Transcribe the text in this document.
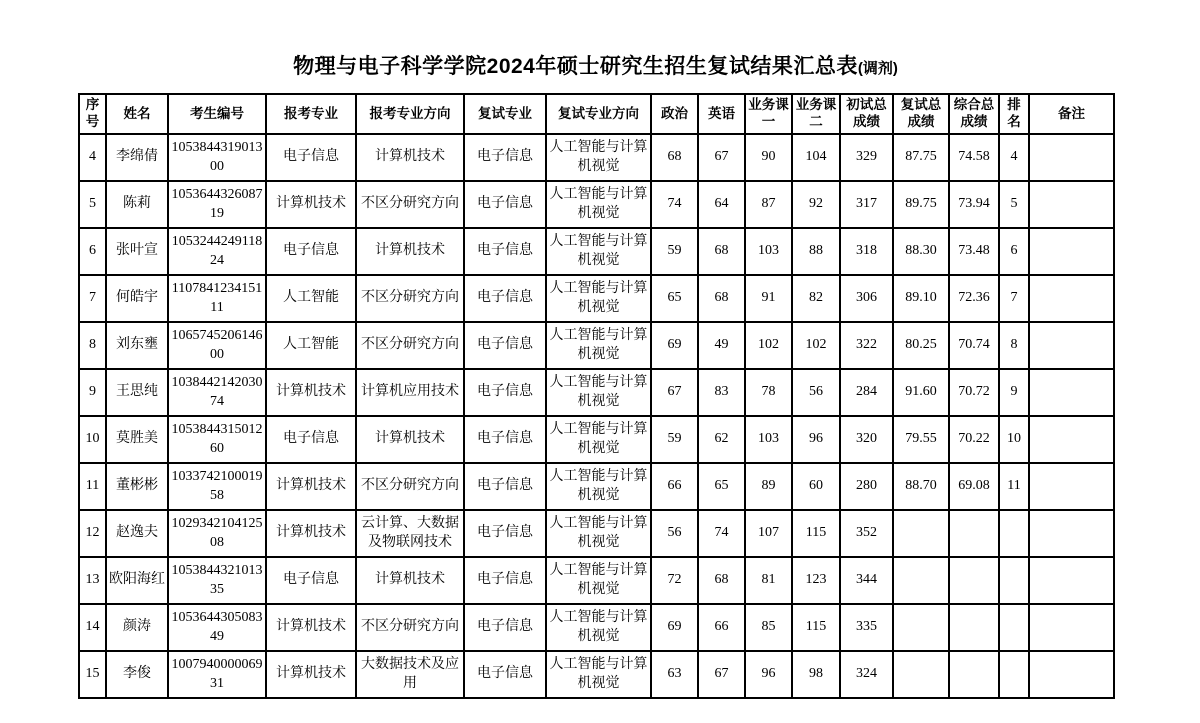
物理与电子科学学院2024年硕士研究生招生复试结果汇总表(调剂)
序号	姓名	考生编号	报考专业	报考专业方向	复试专业	复试专业方向	政治	英语	业务课一	业务课二	初试总成绩	复试总成绩	综合总成绩	排名	备注
4	李绵倩	105384431901300	电子信息	计算机技术	电子信息	人工智能与计算机视觉	68	67	90	104	329	87.75	74.58	4	
5	陈莉	105364432608719	计算机技术	不区分研究方向	电子信息	人工智能与计算机视觉	74	64	87	92	317	89.75	73.94	5	
6	张叶宣	105324424911824	电子信息	计算机技术	电子信息	人工智能与计算机视觉	59	68	103	88	318	88.30	73.48	6	
7	何皓宇	110784123415111	人工智能	不区分研究方向	电子信息	人工智能与计算机视觉	65	68	91	82	306	89.10	72.36	7	
8	刘东壅	106574520614600	人工智能	不区分研究方向	电子信息	人工智能与计算机视觉	69	49	102	102	322	80.25	70.74	8	
9	王思纯	103844214203074	计算机技术	计算机应用技术	电子信息	人工智能与计算机视觉	67	83	78	56	284	91.60	70.72	9	
10	莫胜美	105384431501260	电子信息	计算机技术	电子信息	人工智能与计算机视觉	59	62	103	96	320	79.55	70.22	10	
11	董彬彬	103374210001958	计算机技术	不区分研究方向	电子信息	人工智能与计算机视觉	66	65	89	60	280	88.70	69.08	11	
12	赵逸夫	102934210412508	计算机技术	云计算、大数据及物联网技术	电子信息	人工智能与计算机视觉	56	74	107	115	352				
13	欧阳海红	105384432101335	电子信息	计算机技术	电子信息	人工智能与计算机视觉	72	68	81	123	344				
14	颜涛	105364430508349	计算机技术	不区分研究方向	电子信息	人工智能与计算机视觉	69	66	85	115	335				
15	李俊	100794000006931	计算机技术	大数据技术及应用	电子信息	人工智能与计算机视觉	63	67	96	98	324				
